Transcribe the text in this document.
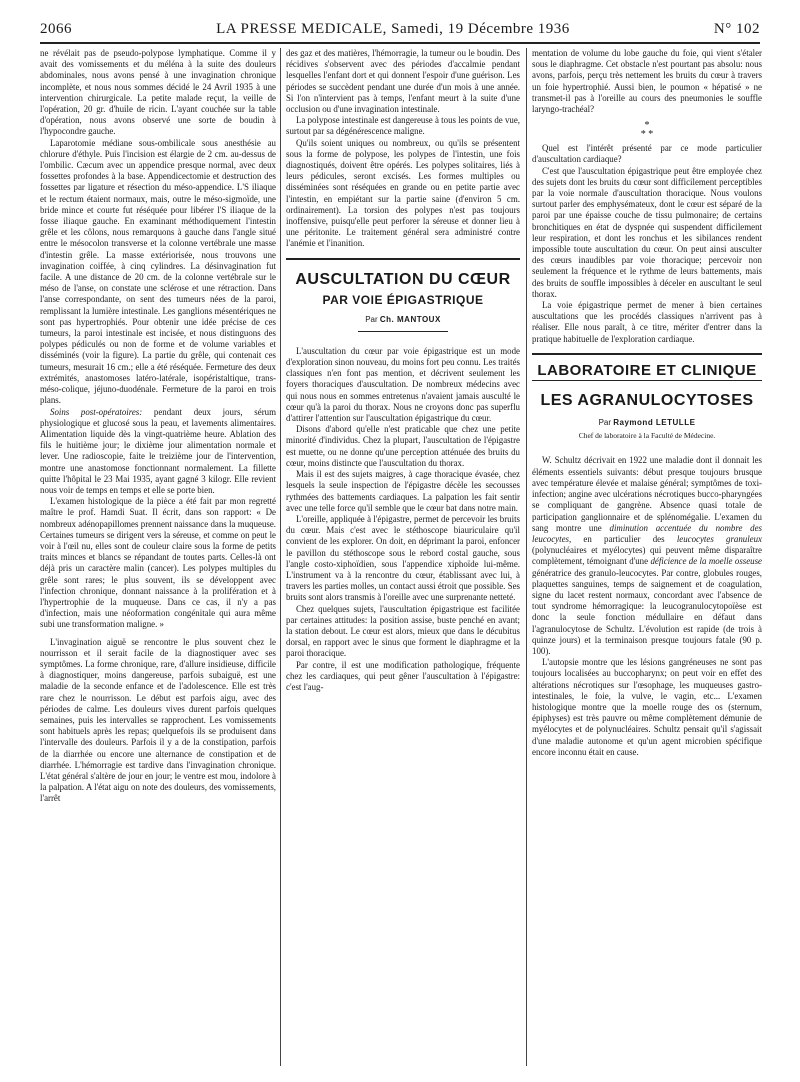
2066	LA PRESSE MEDICALE, Samedi, 19 Décembre 1936	N° 102

ne révélait pas de pseudo-polypose lymphatique. Comme il y avait des vomissements et du méléna à la suite des douleurs abdominales, nous avons pensé à une invagination chronique incomplète, et nous nous sommes décidé le 24 Avril 1935 à une intervention chirurgicale. La petite malade reçut, la veille de l'opération, 20 gr. d'huile de ricin. L'ayant couchée sur la table d'opération, nous avons observé une sorte de boudin à l'hypocondre gauche.

Laparotomie médiane sous-ombilicale sous anesthésie au chlorure d'éthyle. Puis l'incision est élargie de 2 cm. au-dessus de l'ombilic. Cæcum avec un appendice presque normal, avec deux fossettes profondes à la base. Appendicectomie et destruction des fossettes par ligature et résection du méso-appendice. L'S iliaque et le rectum étaient normaux, mais, outre le méso-sigmoïde, une bride mince et courte fut réséquée pour libérer l'S iliaque de la fosse iliaque gauche. En examinant méthodiquement l'intestin grêle et les côlons, nous remarquons à gauche dans l'angle situé entre le mésocolon transverse et la colonne vertébrale une masse d'intestin grêle. La masse extériorisée, nous trouvons une invagination coiffée, à cinq cylindres. La désinvagination fut facile. A une distance de 20 cm. de la colonne vertébrale sur le méso de l'anse, on constate une sclérose et une rétraction. Dans l'anse correspondante, on sent des tumeurs nées de la paroi, remplissant la lumière intestinale. Les ganglions mésentériques ne sont pas hypertrophiés. Pour obtenir une idée précise de ces tumeurs, la paroi intestinale est incisée, et nous distinguons des polypes pédiculés ou non de forme et de volume variables et disséminés (voir la figure). La partie du grêle, qui contenait ces tumeurs, mesurait 16 cm.; elle a été réséquée. Fermeture des deux extrémités, anastomoses latéro-latérale, isopéristaltique, trans-méso-colique, jéjuno-duodénale. Fermeture de la paroi en trois plans.

Soins post-opératoires: pendant deux jours, sérum physiologique et glucosé sous la peau, et lavements alimentaires. Alimentation liquide dès la vingt-quatrième heure. Ablation des fils le huitième jour; le dixième jour alimentation normale et lever. Une radioscopie, faite le treizième jour de l'intervention, montre une anastomose fonctionnant normalement. La fillette quitte l'hôpital le 23 Mai 1935, ayant gagné 3 kilogr. Elle revient nous voir de temps en temps et elle se porte bien.

L'examen histologique de la pièce a été fait par mon regretté maître le prof. Hamdi Suat. Il écrit, dans son rapport: « De nombreux adénopapillomes prennent naissance dans la muqueuse. Certaines tumeurs se dirigent vers la séreuse, et comme on peut le voir à l'œil nu, elles sont de couleur claire sous la forme de petits traits minces et blancs se répandant de toutes parts. Celles-là ont déjà pris un caractère malin (cancer). Les polypes multiples du grêle sont rares; le plus souvent, ils se développent avec l'infection chronique, donnant naissance à la prolifération et à l'hypertrophie de la muqueuse. Dans ce cas, il n'y a pas d'infection, mais une néoformation congénitale qui aura même subi une transformation maligne. »

L'invagination aiguë se rencontre le plus souvent chez le nourrisson et il serait facile de la diagnostiquer avec ses symptômes. La forme chronique, rare, d'allure insidieuse, difficile à diagnostiquer, moins dangereuse, parfois subaiguë, est une maladie de la seconde enfance et de l'adolescence. Elle est très rare chez le nourrisson. Le début est parfois aigu, avec des périodes de calme. Les douleurs vives durent parfois quelques semaines, puis les intervalles se rapprochent. Les vomissements sont habituels après les repas; quelquefois ils se produisent dans l'intervalle des douleurs. Parfois il y a de la constipation, parfois de la diarrhée ou encore une alternance de constipation et de diarrhée. L'hémorragie est tardive dans l'invagination chronique. L'état général s'altère de jour en jour; le ventre est mou, indolore à la palpation. A l'état aigu on note des douleurs, des vomissements, l'arrêt

des gaz et des matières, l'hémorragie, la tumeur ou le boudin. Des récidives s'observent avec des périodes d'accalmie pendant lesquelles l'enfant dort et qui donnent l'espoir d'une guérison. Les périodes se succèdent pendant une durée d'un mois à une année. Si l'on n'intervient pas à temps, l'enfant meurt à la suite d'une occlusion ou d'une invagination intestinale.

La polypose intestinale est dangereuse à tous les points de vue, surtout par sa dégénérescence maligne.

Qu'ils soient uniques ou nombreux, ou qu'ils se présentent sous la forme de polypose, les polypes de l'intestin, une fois diagnostiqués, doivent être opérés. Les polypes solitaires, liés à leurs pédicules, seront excisés. Les formes multiples ou disséminées sont réséquées en grande ou en petite partie avec l'intestin, en empiétant sur la partie saine (d'environ 5 cm. ordinairement). La torsion des polypes n'est pas toujours inoffensive, puisqu'elle peut perforer la séreuse et donner lieu à une péritonite. Le traitement général sera administré contre l'anémie et l'inanition.

AUSCULTATION DU CŒUR
PAR VOIE ÉPIGASTRIQUE
Par Ch. MANTOUX

L'auscultation du cœur par voie épigastrique est un mode d'exploration sinon nouveau, du moins fort peu connu. Les traités classiques n'en font pas mention, et décrivent seulement les foyers thoraciques d'auscultation. De nombreux médecins avec qui nous nous en sommes entretenus n'avaient jamais ausculté le cœur qu'à la paroi du thorax. Nous ne croyons donc pas superflu d'attirer l'attention sur l'auscultation épigastrique du cœur.

Disons d'abord qu'elle n'est praticable que chez une petite minorité d'individus. Chez la plupart, l'auscultation de l'épigastre est muette, ou ne donne qu'une perception atténuée des bruits du cœur, moins distincte que l'auscultation du thorax.

Mais il est des sujets maigres, à cage thoracique évasée, chez lesquels la seule inspection de l'épigastre décèle les secousses rythmées des battements cardiaques. La palpation les fait sentir avec une telle force qu'il semble que le cœur bat dans notre main.

L'oreille, appliquée à l'épigastre, permet de percevoir les bruits du cœur. Mais c'est avec le stéthoscope biauriculaire qu'il convient de les explorer. On doit, en déprimant la paroi, enfoncer le pavillon du stéthoscope sous le rebord costal gauche, sous l'angle costo-xiphoïdien, sous l'appendice xiphoïde lui-même. L'instrument va à la rencontre du cœur, établissant avec lui, à travers les parties molles, un contact aussi étroit que possible. Ses bruits sont alors transmis à l'oreille avec une surprenante netteté.

Chez quelques sujets, l'auscultation épigastrique est facilitée par certaines attitudes: la position assise, buste penché en avant; la station debout. Le cœur est alors, mieux que dans le décubitus dorsal, en rapport avec le sinus que forment le diaphragme et la paroi thoracique.

Par contre, il est une modification pathologique, fréquente chez les cardiaques, qui peut gêner l'auscultation à l'épigastre: c'est l'aug-

mentation de volume du lobe gauche du foie, qui vient s'étaler sous le diaphragme. Cet obstacle n'est pourtant pas absolu: nous avons, parfois, perçu très nettement les bruits du cœur à travers un foie hypertrophié. Aussi bien, le poumon « hépatisé » ne transmet-il pas à l'oreille au cours des pneumonies le souffle laryngo-trachéal?

*
* *

Quel est l'intérêt présenté par ce mode particulier d'auscultation cardiaque?

C'est que l'auscultation épigastrique peut être employée chez des sujets dont les bruits du cœur sont difficilement perceptibles par la voie normale d'auscultation thoracique. Nous voulons surtout parler des emphysémateux, dont le cœur est séparé de la paroi par une épaisse couche de tissu pulmonaire; de certains bronchitiques en état de dyspnée qui suspendent difficilement leur respiration, et dont les ronchus et les sibilances rendent impossible toute auscultation du cœur. On peut ainsi ausculter des cœurs inaudibles par voie thoracique; percevoir non seulement la fréquence et le rythme de leurs battements, mais des bruits de souffle impossibles à déceler en auscultant le seul thorax.

La voie épigastrique permet de mener à bien certaines auscultations que les procédés classiques n'arrivent pas à réaliser. Elle nous paraît, à ce titre, mériter d'entrer dans la pratique habituelle de l'exploration cardiaque.

LABORATOIRE ET CLINIQUE
LES AGRANULOCYTOSES
Par Raymond LETULLE
Chef de laboratoire à la Faculté de Médecine.

W. Schultz décrivait en 1922 une maladie dont il donnait les éléments essentiels suivants: début presque toujours brusque avec température élevée et malaise général; symptômes de toxi-infection; angine avec ulcérations nécrotiques bucco-pharyngées se compliquant de gangrène. Absence quasi totale de participation ganglionnaire et de splénomégalie. L'examen du sang montre une diminution accentuée du nombre des leucocytes, en particulier des leucocytes granuleux (polynucléaires et myélocytes) qui peuvent même disparaître complètement, témoignant d'une déficience de la moelle osseuse génératrice des granulo-leucocytes. Par contre, globules rouges, plaquettes sanguines, temps de saignement et de coagulation, signe du lacet restent normaux, concordant avec l'absence de tout syndrome hémorragique: la leucogranulocytopoïèse est donc la seule fonction médullaire en défaut dans l'agranulocytose de Schultz. L'évolution est rapide (de trois à quinze jours) et la terminaison presque toujours fatale (90 p. 100).

L'autopsie montre que les lésions gangréneuses ne sont pas toujours localisées au buccopharynx; on peut voir en effet des altérations nécrotiques sur l'œsophage, les muqueuses gastro-intestinales, le foie, la vulve, le vagin, etc... L'examen histologique montre que la moelle rouge des os (sternum, épiphyses) est très pauvre ou même complètement démunie de myélocytes et de polynucléaires. Schultz pensait qu'il s'agissait d'une maladie autonome et qu'un agent microbien spécifique encore inconnu était en cause.
